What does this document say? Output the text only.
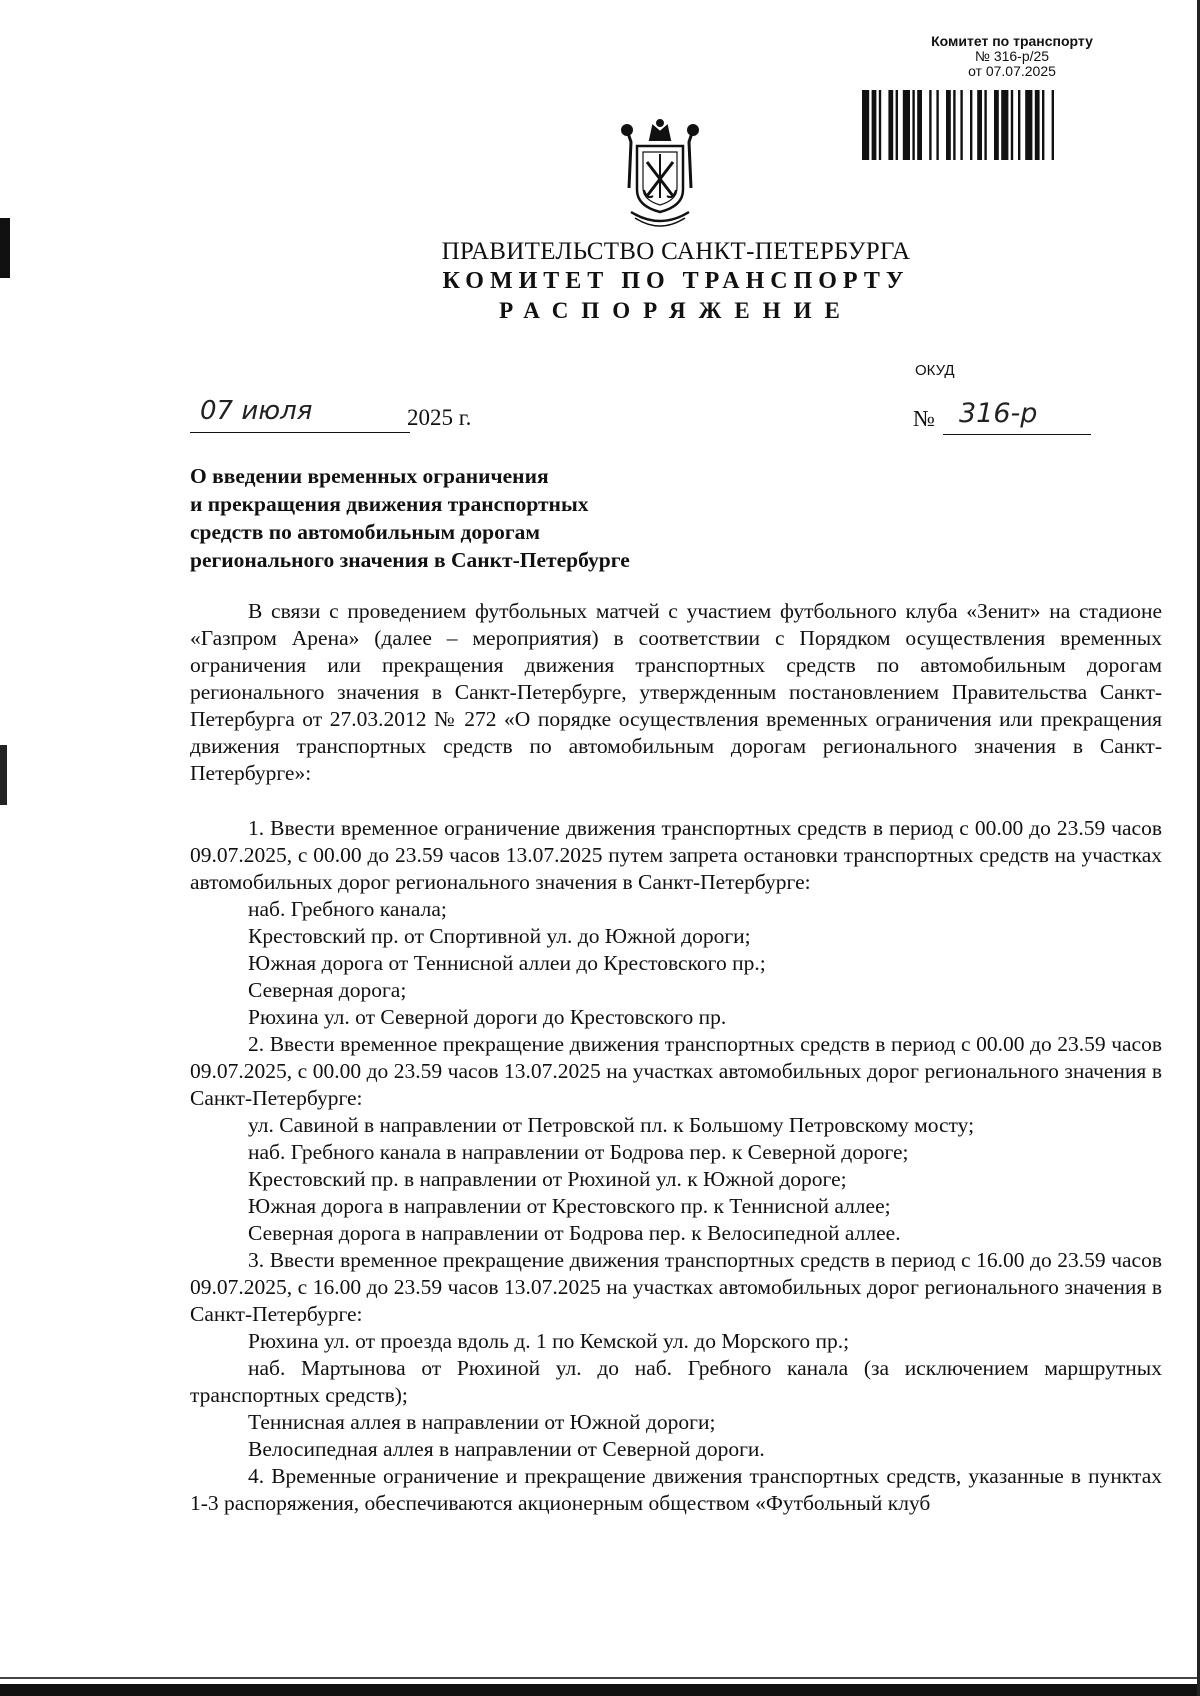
Комитет по транспорту
№ 316-р/25
от 07.07.2025
ПРАВИТЕЛЬСТВО САНКТ-ПЕТЕРБУРГА
КОМИТЕТ ПО ТРАНСПОРТУ
РАСПОРЯЖЕНИЕ
ОКУД
07 июля	2025 г.	№ 316-р
О введении временных ограничения
и прекращения движения транспортных
средств по автомобильным дорогам
регионального значения в Санкт-Петербурге

В связи с проведением футбольных матчей с участием футбольного клуба «Зенит» на стадионе «Газпром Арена» (далее – мероприятия) в соответствии с Порядком осуществления временных ограничения или прекращения движения транспортных средств по автомобильным дорогам регионального значения в Санкт-Петербурге, утвержденным постановлением Правительства Санкт-Петербурга от 27.03.2012 № 272 «О порядке осуществления временных ограничения или прекращения движения транспортных средств по автомобильным дорогам регионального значения в Санкт-Петербурге»:

1. Ввести временное ограничение движения транспортных средств в период с 00.00 до 23.59 часов 09.07.2025, с 00.00 до 23.59 часов 13.07.2025 путем запрета остановки транспортных средств на участках автомобильных дорог регионального значения в Санкт-Петербурге:

наб. Гребного канала;

Крестовский пр. от Спортивной ул. до Южной дороги;

Южная дорога от Теннисной аллеи до Крестовского пр.;

Северная дорога;

Рюхина ул. от Северной дороги до Крестовского пр.

2. Ввести временное прекращение движения транспортных средств в период с 00.00 до 23.59 часов 09.07.2025, с 00.00 до 23.59 часов 13.07.2025 на участках автомобильных дорог регионального значения в Санкт-Петербурге:

ул. Савиной в направлении от Петровской пл. к Большому Петровскому мосту;

наб. Гребного канала в направлении от Бодрова пер. к Северной дороге;

Крестовский пр. в направлении от Рюхиной ул. к Южной дороге;

Южная дорога в направлении от Крестовского пр. к Теннисной аллее;

Северная дорога в направлении от Бодрова пер. к Велосипедной аллее.

3. Ввести временное прекращение движения транспортных средств в период с 16.00 до 23.59 часов 09.07.2025, с 16.00 до 23.59 часов 13.07.2025 на участках автомобильных дорог регионального значения в Санкт-Петербурге:

Рюхина ул. от проезда вдоль д. 1 по Кемской ул. до Морского пр.;

наб. Мартынова от Рюхиной ул. до наб. Гребного канала (за исключением маршрутных транспортных средств);

Теннисная аллея в направлении от Южной дороги;

Велосипедная аллея в направлении от Северной дороги.

4. Временные ограничение и прекращение движения транспортных средств, указанные в пунктах 1-3 распоряжения, обеспечиваются акционерным обществом «Футбольный клуб
